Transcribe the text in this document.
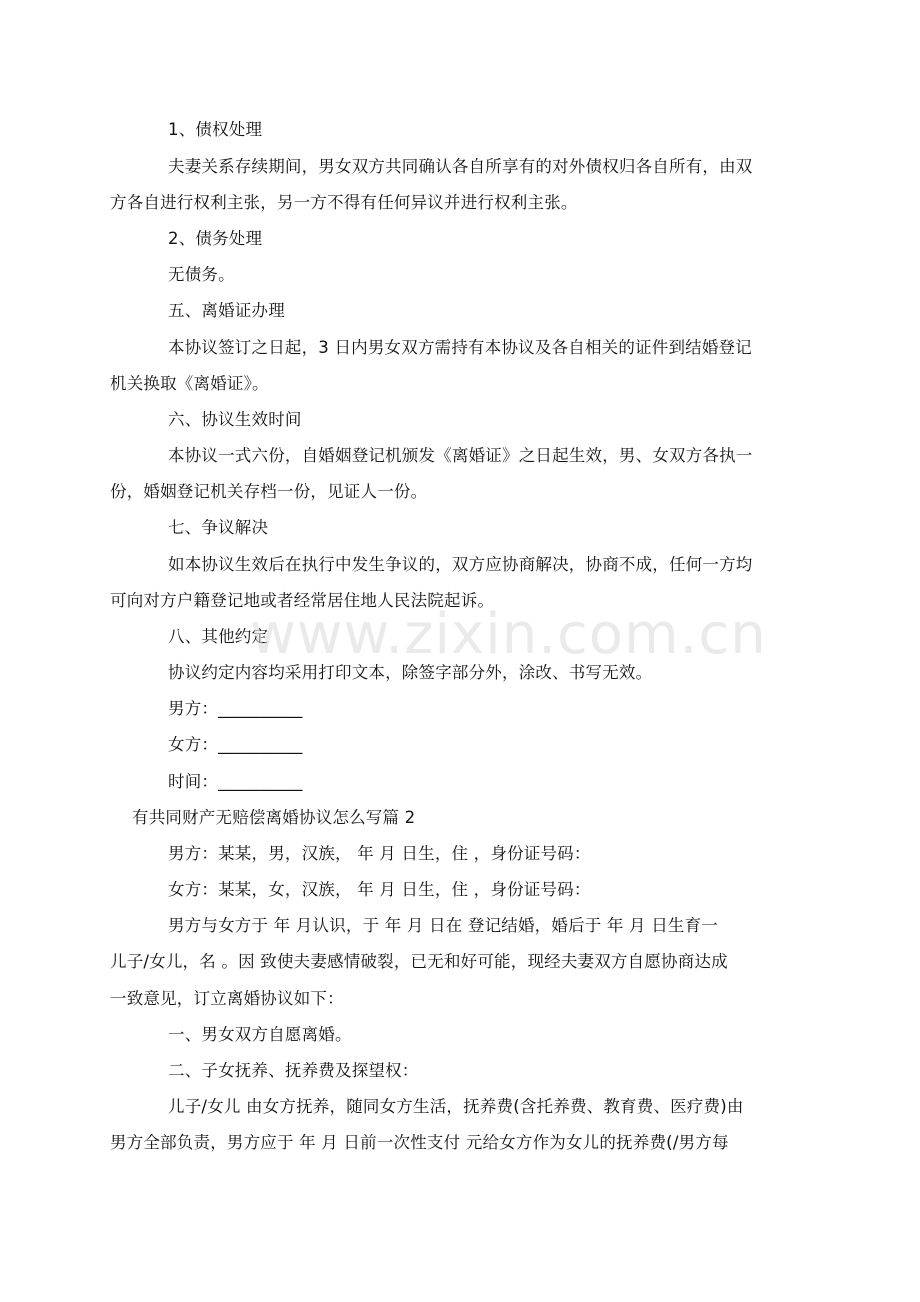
1、债权处理
夫妻关系存续期间，男女双方共同确认各自所享有的对外债权归各自所有，由双
方各自进行权利主张，另一方不得有任何异议并进行权利主张。
2、债务处理
无债务。
五、离婚证办理
本协议签订之日起，3 日内男女双方需持有本协议及各自相关的证件到结婚登记
机关换取《离婚证》。
六、协议生效时间
本协议一式六份，自婚姻登记机颁发《离婚证》之日起生效，男、女双方各执一
份，婚姻登记机关存档一份，见证人一份。
七、争议解决
如本协议生效后在执行中发生争议的，双方应协商解决，协商不成，任何一方均
可向对方户籍登记地或者经常居住地人民法院起诉。
八、其他约定
协议约定内容均采用打印文本，除签字部分外，涂改、书写无效。
男方：__________
女方：__________
时间：__________
有共同财产无赔偿离婚协议怎么写篇 2
男方：某某，男，汉族， 年 月 日生，住 ，身份证号码：
女方：某某，女，汉族， 年 月 日生，住 ，身份证号码：
男方与女方于 年 月认识，于 年 月 日在 登记结婚，婚后于 年 月 日生育一
儿子/女儿，名 。因 致使夫妻感情破裂，已无和好可能，现经夫妻双方自愿协商达成
一致意见，订立离婚协议如下：
一、男女双方自愿离婚。
二、子女抚养、抚养费及探望权：
儿子/女儿 由女方抚养，随同女方生活，抚养费(含托养费、教育费、医疗费)由
男方全部负责，男方应于 年 月 日前一次性支付 元给女方作为女儿的抚养费(/男方每
www.zixin.com.cn
